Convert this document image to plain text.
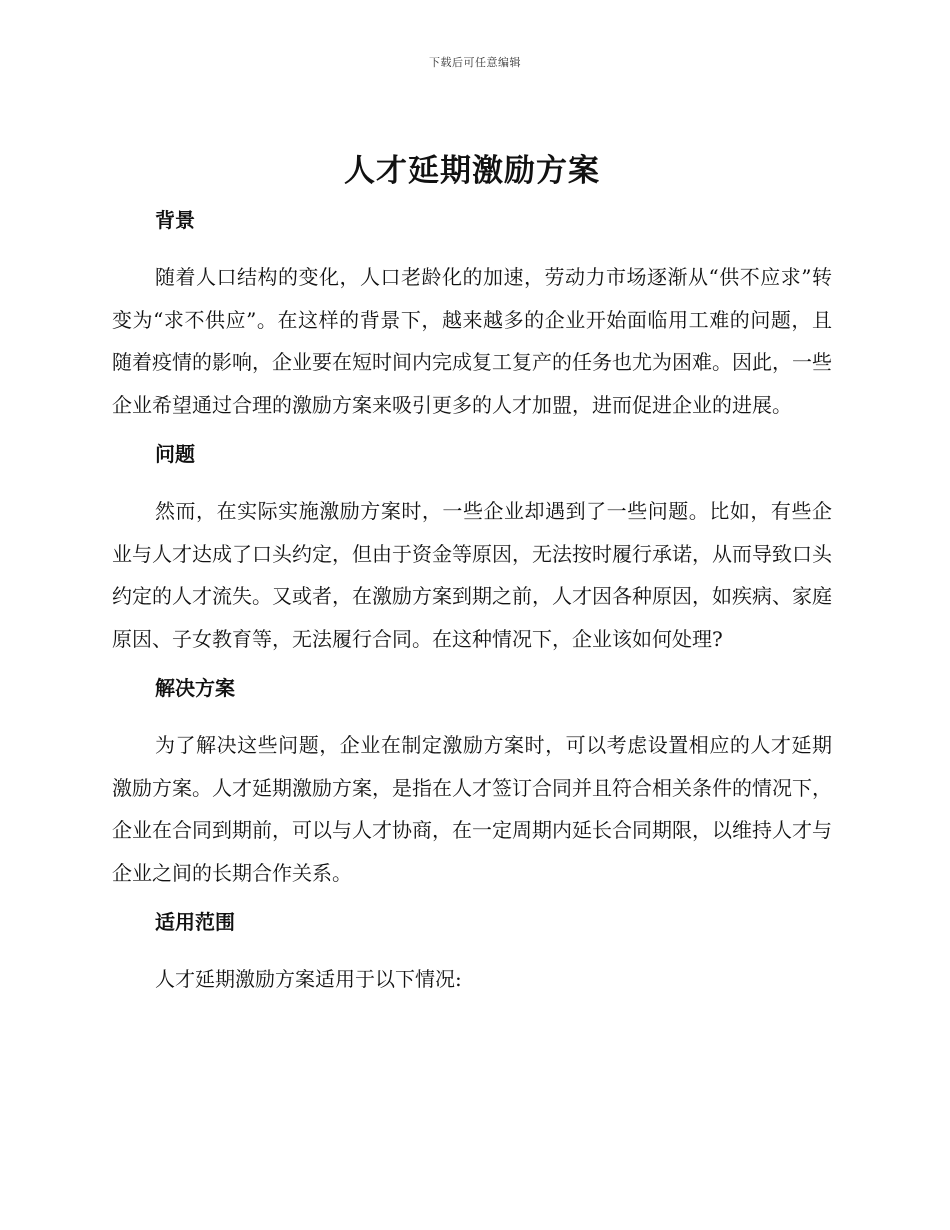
下载后可任意编辑
人才延期激励方案
背景

随着人口结构的变化，人口老龄化的加速，劳动力市场逐渐从“供不应求”转变为“求不供应”。在这样的背景下，越来越多的企业开始面临用工难的问题，且随着疫情的影响，企业要在短时间内完成复工复产的任务也尤为困难。因此，一些企业希望通过合理的激励方案来吸引更多的人才加盟，进而促进企业的进展。

问题

然而，在实际实施激励方案时，一些企业却遇到了一些问题。比如，有些企业与人才达成了口头约定，但由于资金等原因，无法按时履行承诺，从而导致口头约定的人才流失。又或者，在激励方案到期之前，人才因各种原因，如疾病、家庭原因、子女教育等，无法履行合同。在这种情况下，企业该如何处理?

解决方案

为了解决这些问题，企业在制定激励方案时，可以考虑设置相应的人才延期激励方案。人才延期激励方案，是指在人才签订合同并且符合相关条件的情况下，企业在合同到期前，可以与人才协商，在一定周期内延长合同期限，以维持人才与企业之间的长期合作关系。

适用范围

人才延期激励方案适用于以下情况:
